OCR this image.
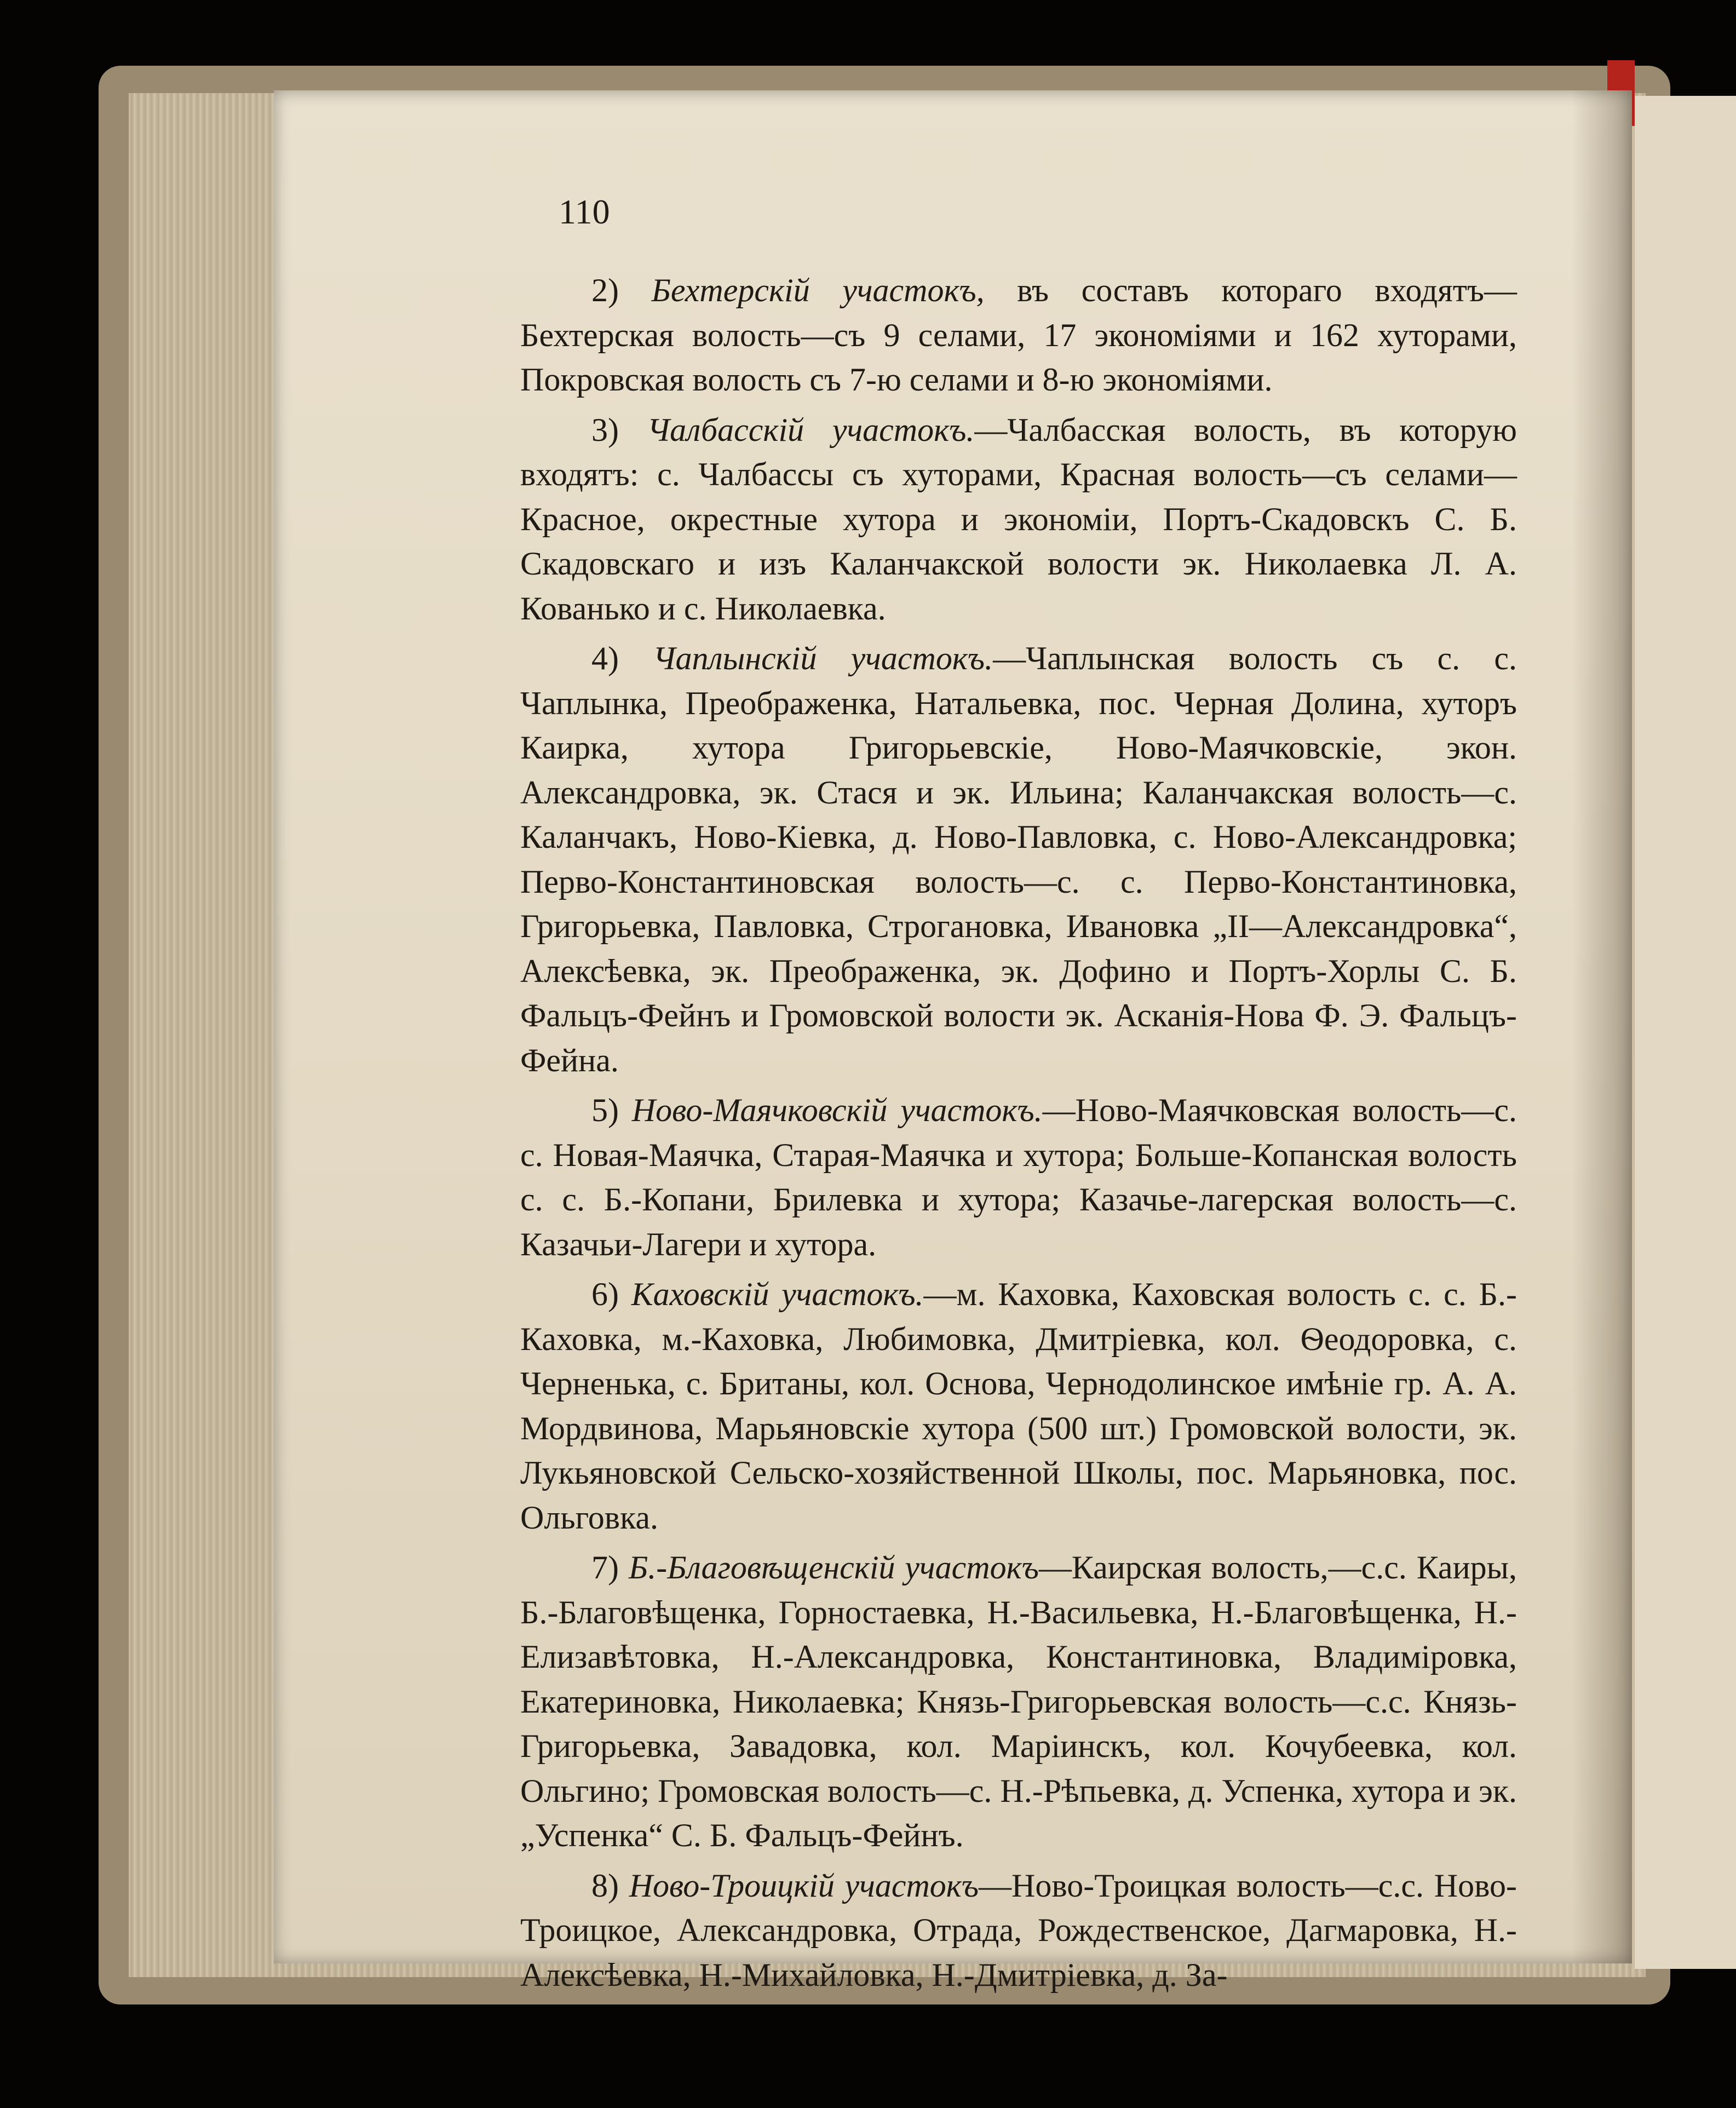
110

2) Бехтерскій участокъ, въ составъ котораго входятъ—Бехтерская волость—съ 9 селами, 17 экономіями и 162 хуторами, Покровская волость съ 7-ю селами и 8-ю экономіями.

3) Чалбасскій участокъ.—Чалбасская волость, въ которую входятъ: с. Чалбассы съ хуторами, Красная волость—съ селами—Красное, окрестные хутора и экономіи, Портъ-Скадовскъ С. Б. Скадовскаго и изъ Каланчакской волости эк. Николаевка Л. А. Кованько и с. Николаевка.

4) Чаплынскій участокъ.—Чаплынская волость съ с. с. Чаплынка, Преображенка, Натальевка, пос. Черная Долина, хуторъ Каирка, хутора Григорьевскіе, Ново-Маячковскіе, экон. Александровка, эк. Стася и эк. Ильина; Каланчакская волость—с. Каланчакъ, Ново-Кіевка, д. Ново-Павловка, с. Ново-Александровка; Перво-Константиновская волость—с. с. Перво-Константиновка, Григорьевка, Павловка, Строгановка, Ивановка „II—Александровка“, Алексѣевка, эк. Преображенка, эк. Дофино и Портъ-Хорлы С. Б. Фальцъ-Фейнъ и Громовской волости эк. Асканія-Нова Ф. Э. Фальцъ-Фейна.

5) Ново-Маячковскій участокъ.—Ново-Маячковская волость—с. с. Новая-Маячка, Старая-Маячка и хутора; Больше-Копанская волость с. с. Б.-Копани, Брилевка и хутора; Казачье-лагерская волость—с. Казачьи-Лагери и хутора.

6) Каховскій участокъ.—м. Каховка, Каховская волость с. с. Б.-Каховка, м.-Каховка, Любимовка, Дмитріевка, кол. Ѳеодоровка, с. Черненька, с. Британы, кол. Основа, Чернодолинское имѣніе гр. А. А. Мордвинова, Марьяновскіе хутора (500 шт.) Громовской волости, эк. Лукьяновской Сельско-хозяйственной Школы, пос. Марьяновка, пос. Ольговка.

7) Б.-Благовѣщенскій участокъ—Каирская волость,—с.с. Каиры, Б.-Благовѣщенка, Горностаевка, Н.-Васильевка, Н.-Благовѣщенка, Н.-Елизавѣтовка, Н.-Александровка, Константиновка, Владиміровка, Екатериновка, Николаевка; Князь-Григорьевская волость—с.с. Князь-Григорьевка, Завадовка, кол. Маріинскъ, кол. Кочубеевка, кол. Ольгино; Громовская волость—с. Н.-Рѣпьевка, д. Успенка, хутора и эк. „Успенка“ С. Б. Фальцъ-Фейнъ.

8) Ново-Троицкій участокъ—Ново-Троицкая волость—с.с. Ново-Троицкое, Александровка, Отрада, Рождественское, Дагмаровка, Н.-Алексѣевка, Н.-Михайловка, Н.-Дмитріевка, д. За-
